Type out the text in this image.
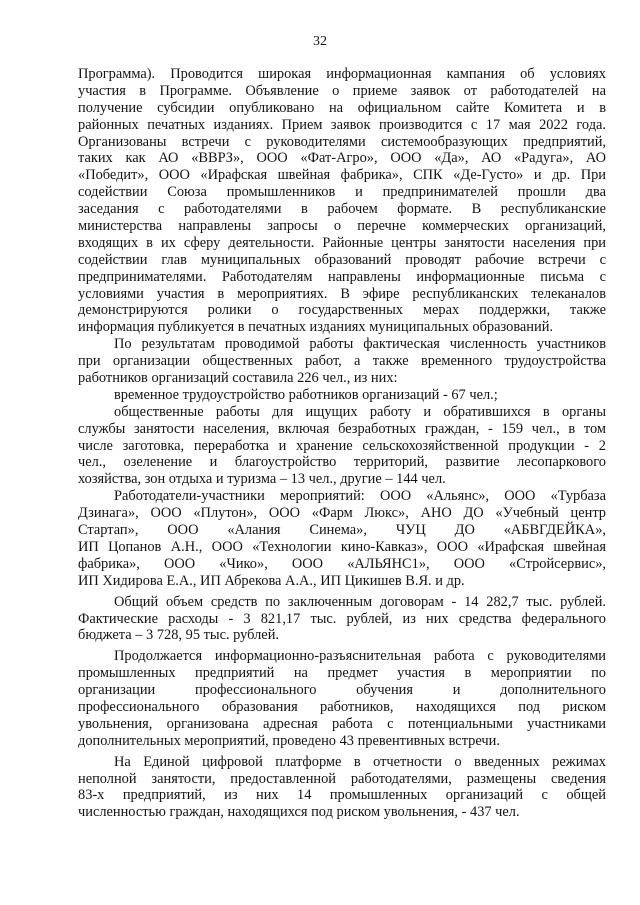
32
Программа). Проводится широкая информационная кампания об условиях
участия в Программе. Объявление о приеме заявок от работодателей на
получение субсидии опубликовано на официальном сайте Комитета и в
районных печатных изданиях. Прием заявок производится с 17 мая 2022 года.
Организованы встречи с руководителями системообразующих предприятий,
таких как АО «ВВРЗ», ООО «Фат-Агро», ООО «Да», АО «Радуга», АО
«Победит», ООО «Ирафская швейная фабрика», СПК «Де-Густо» и др. При
содействии Союза промышленников и предпринимателей прошли два
заседания с работодателями в рабочем формате. В республиканские
министерства направлены запросы о перечне коммерческих организаций,
входящих в их сферу деятельности. Районные центры занятости населения при
содействии глав муниципальных образований проводят рабочие встречи с
предпринимателями. Работодателям направлены информационные письма с
условиями участия в мероприятиях. В эфире республиканских телеканалов
демонстрируются ролики о государственных мерах поддержки, также
информация публикуется в печатных изданиях муниципальных образований.
По результатам проводимой работы фактическая численность участников
при организации общественных работ, а также временного трудоустройства
работников организаций составила 226 чел., из них:
временное трудоустройство работников организаций - 67 чел.;
общественные работы для ищущих работу и обратившихся в органы
службы занятости населения, включая безработных граждан, - 159 чел., в том
числе заготовка, переработка и хранение сельскохозяйственной продукции - 2
чел., озеленение и благоустройство территорий, развитие лесопаркового
хозяйства, зон отдыха и туризма – 13 чел., другие – 144 чел.
Работодатели-участники мероприятий: ООО «Альянс», ООО «Турбаза
Дзинага», ООО «Плутон», ООО «Фарм Люкс», АНО ДО «Учебный центр
Стартап», ООО «Алания Синема», ЧУЦ ДО «АБВГДЕЙКА»,
ИП Цопанов А.Н., ООО «Технологии кино-Кавказ», ООО «Ирафская швейная
фабрика», ООО «Чико», ООО «АЛЬЯНС1», ООО «Стройсервис»,
ИП Хидирова Е.А., ИП Абрекова А.А., ИП Цикишев В.Я. и др.
Общий объем средств по заключенным договорам - 14 282,7 тыс. рублей.
Фактические расходы - 3 821,17 тыс. рублей, из них средства федерального
бюджета – 3 728, 95 тыс. рублей.
Продолжается информационно-разъяснительная работа с руководителями
промышленных предприятий на предмет участия в мероприятии по
организации профессионального обучения и дополнительного
профессионального образования работников, находящихся под риском
увольнения, организована адресная работа с потенциальными участниками
дополнительных мероприятий, проведено 43 превентивных встречи.
На Единой цифровой платформе в отчетности о введенных режимах
неполной занятости, предоставленной работодателями, размещены сведения
83-х предприятий, из них 14 промышленных организаций с общей
численностью граждан, находящихся под риском увольнения, - 437 чел.
